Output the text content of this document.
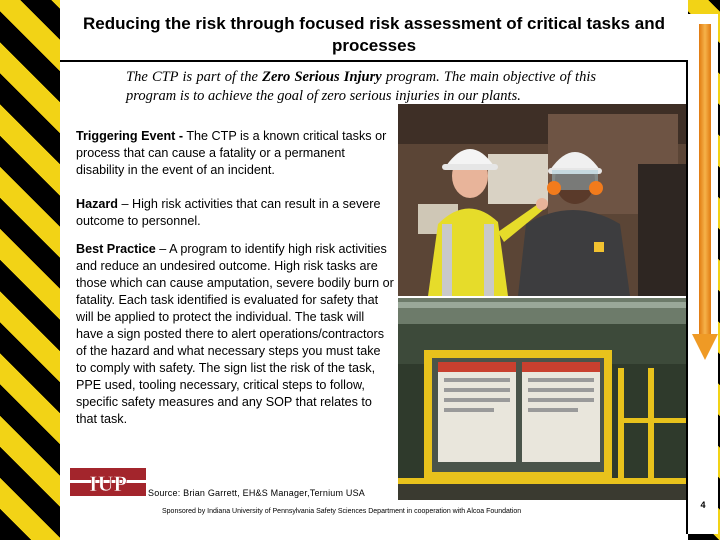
4
Reducing the risk through focused risk assessment of critical tasks and processes

The CTP is part of the Zero Serious Injury program. The main objective of this program is to achieve the goal of zero serious injuries in our plants.

Triggering Event - The CTP is a known critical tasks or process that can cause a fatality or a permanent disability in the event of an incident.

Hazard – High risk activities that can result in a severe outcome to personnel.

Best Practice – A program to identify high risk activities and reduce an undesired outcome. High risk tasks are those which can cause amputation, severe bodily burn or fatality. Each task identified is evaluated for safety that will be applied to protect the individual. The task will have a sign posted there to alert operations/contractors of the hazard and what necessary steps you must take to comply with safety. The sign list the risk of the task, PPE used, tooling necessary, critical steps to follow, specific safety measures and any SOP that relates to that task.

IUP Source: Brian Garrett, EH&S Manager,Ternium USA
Sponsored by Indiana University of Pennsylvania Safety Sciences Department in cooperation with Alcoa Foundation
